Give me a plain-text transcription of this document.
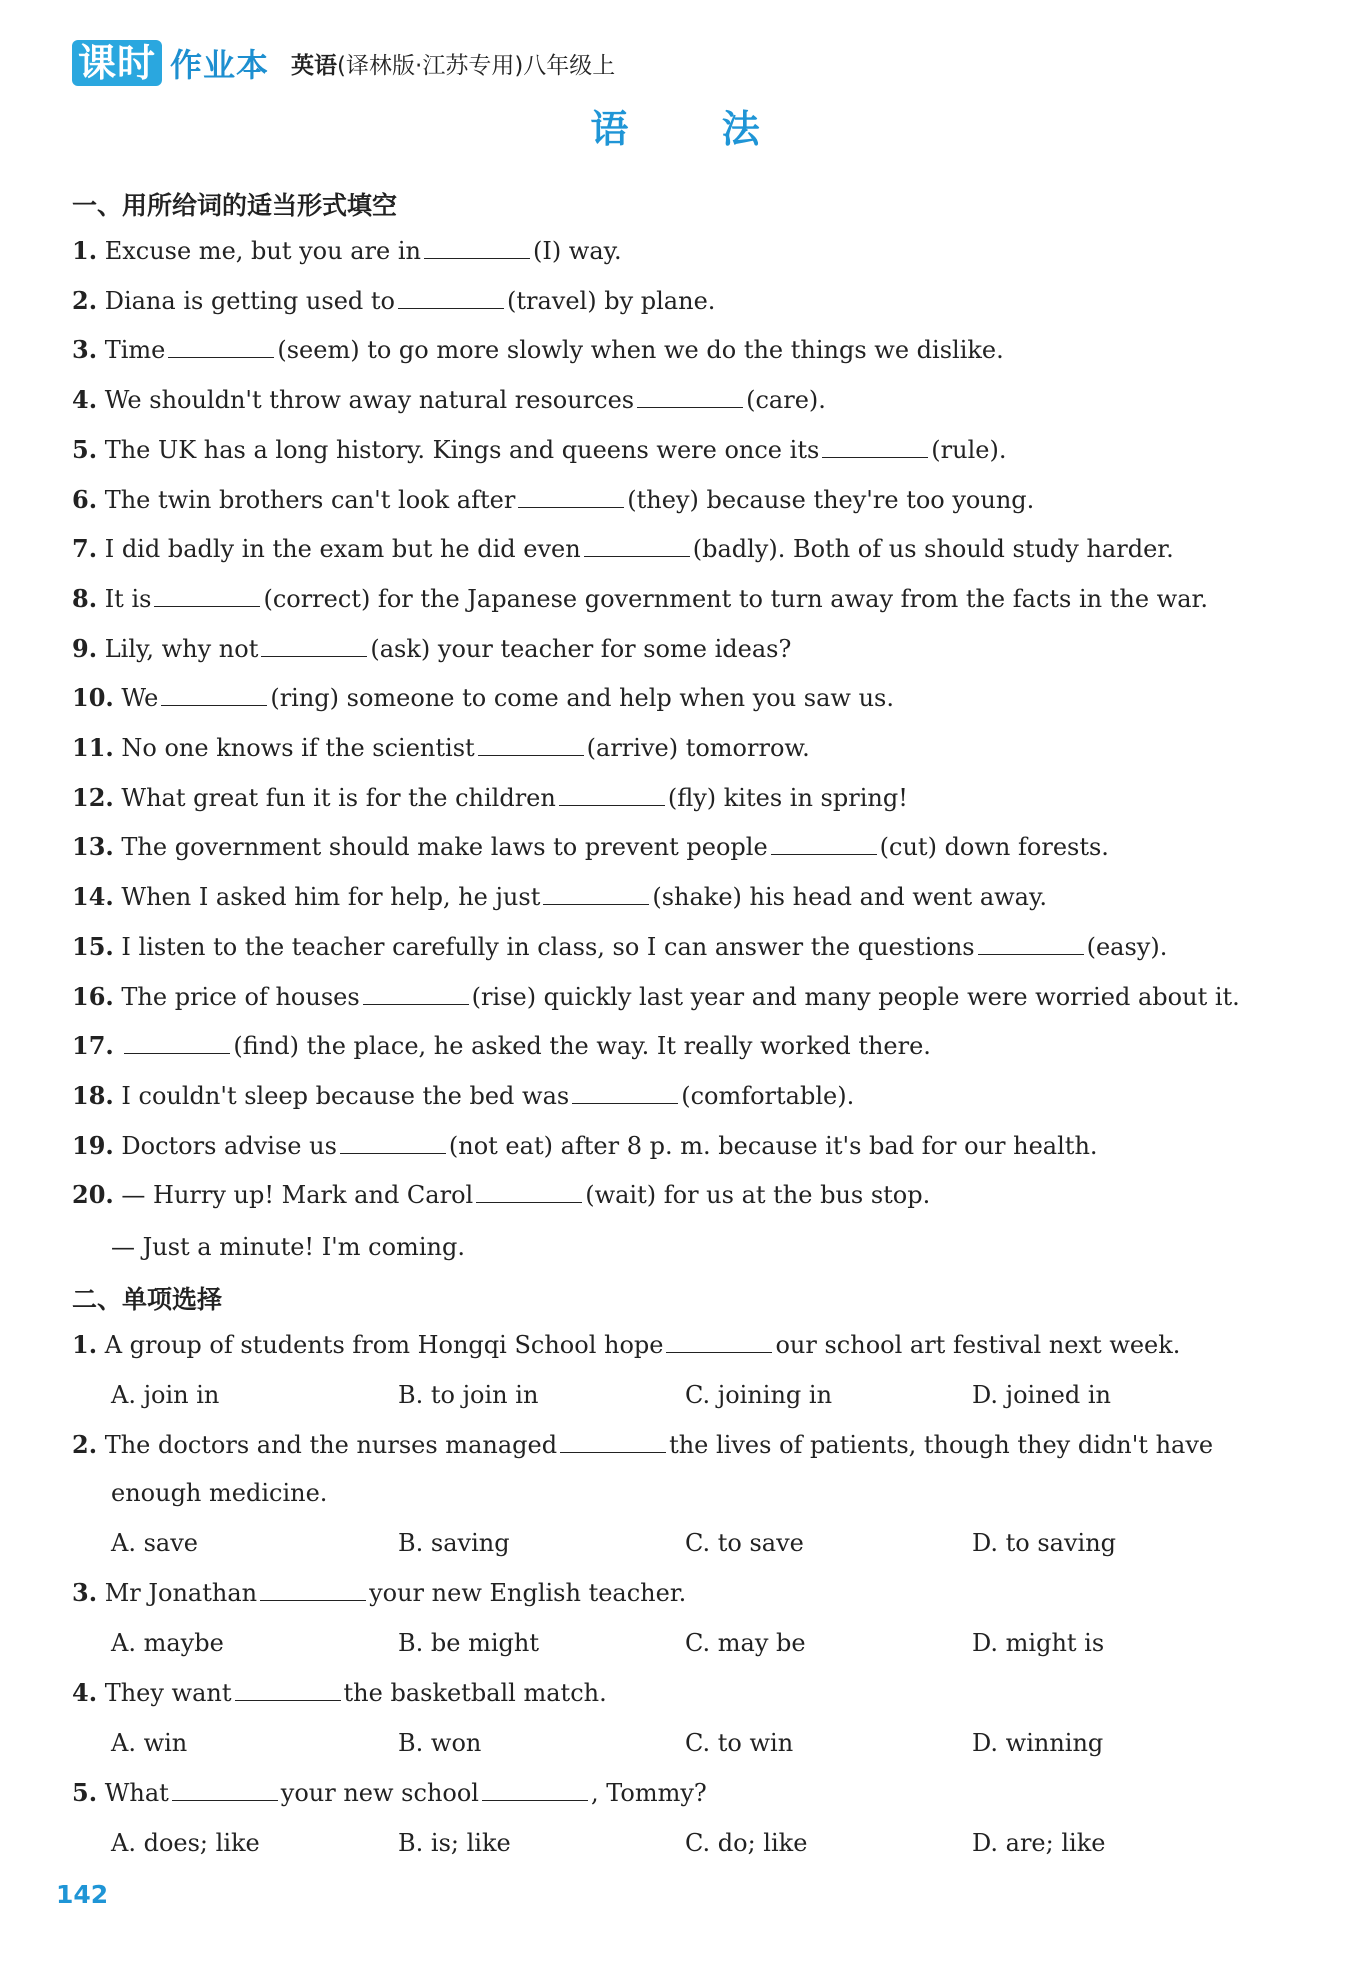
课时 作业本 英语(译林版·江苏专用)八年级上
语 法
一、用所给词的适当形式填空
1. Excuse me, but you are in	(I) way.
2. Diana is getting used to	(travel) by plane.
3. Time	(seem) to go more slowly when we do the things we dislike.
4. We shouldn't throw away natural resources	(care).
5. The UK has a long history. Kings and queens were once its	(rule).
6. The twin brothers can't look after	(they) because they're too young.
7. I did badly in the exam but he did even	(badly). Both of us should study harder.
8. It is	(correct) for the Japanese government to turn away from the facts in the war.
9. Lily, why not	(ask) your teacher for some ideas?
10. We	(ring) someone to come and help when you saw us.
11. No one knows if the scientist	(arrive) tomorrow.
12. What great fun it is for the children	(fly) kites in spring!
13. The government should make laws to prevent people	(cut) down forests.
14. When I asked him for help, he just	(shake) his head and went away.
15. I listen to the teacher carefully in class, so I can answer the questions	(easy).
16. The price of houses	(rise) quickly last year and many people were worried about it.
17.	(find) the place, he asked the way. It really worked there.
18. I couldn't sleep because the bed was	(comfortable).
19. Doctors advise us	(not eat) after 8 p. m. because it's bad for our health.
20. — Hurry up! Mark and Carol	(wait) for us at the bus stop.
— Just a minute! I'm coming.
二、单项选择
1. A group of students from Hongqi School hope	our school art festival next week.
A. join in	B. to join in	C. joining in	D. joined in
2. The doctors and the nurses managed	the lives of patients, though they didn't have
enough medicine.
A. save	B. saving	C. to save	D. to saving
3. Mr Jonathan	your new English teacher.
A. maybe	B. be might	C. may be	D. might is
4. They want	the basketball match.
A. win	B. won	C. to win	D. winning
5. What	your new school	, Tommy?
A. does; like	B. is; like	C. do; like	D. are; like
142
